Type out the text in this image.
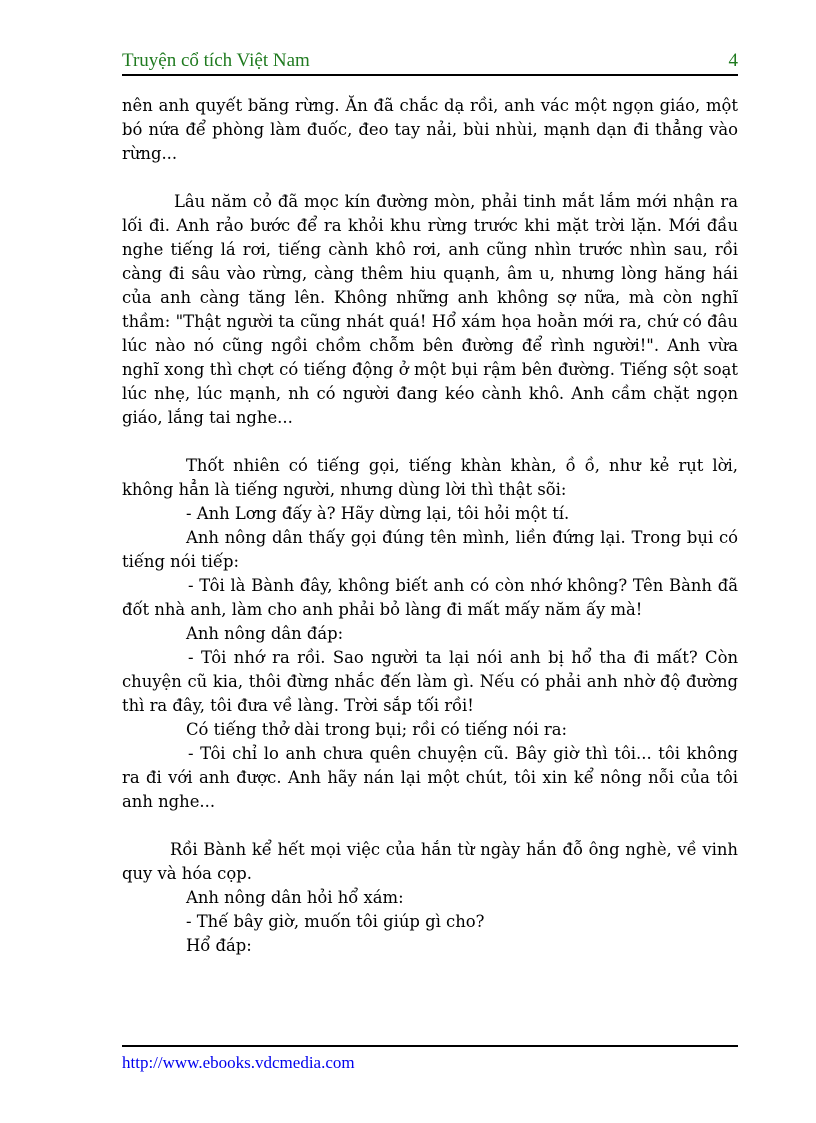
Truyện cổ tích Việt Nam	4

nên anh quyết băng rừng. Ăn đã chắc dạ rồi, anh vác một ngọn giáo, một bó nứa để phòng làm đuốc, đeo tay nải, bùi nhùi, mạnh dạn đi thẳng vào rừng...

Lâu năm cỏ đã mọc kín đường mòn, phải tinh mắt lắm mới nhận ra lối đi. Anh rảo bước để ra khỏi khu rừng trước khi mặt trời lặn. Mới đầu nghe tiếng lá rơi, tiếng cành khô rơi, anh cũng nhìn trước nhìn sau, rồi càng đi sâu vào rừng, càng thêm hiu quạnh, âm u, nhưng lòng hăng hái của anh càng tăng lên. Không những anh không sợ nữa, mà còn nghĩ thầm: "Thật người ta cũng nhát quá! Hổ xám họa hoằn mới ra, chứ có đâu lúc nào nó cũng ngồi chồm chỗm bên đường để rình người!". Anh vừa nghĩ xong thì chợt có tiếng động ở một bụi rậm bên đường. Tiếng sột soạt lúc nhẹ, lúc mạnh, nh có người đang kéo cành khô. Anh cầm chặt ngọn giáo, lắng tai nghe...

Thốt nhiên có tiếng gọi, tiếng khàn khàn, ồ ồ, như kẻ rụt lời, không hẳn là tiếng người, nhưng dùng lời thì thật sõi:

- Anh Lơng đấy à? Hãy dừng lại, tôi hỏi một tí.

Anh nông dân thấy gọi đúng tên mình, liền đứng lại. Trong bụi có tiếng nói tiếp:

- Tôi là Bành đây, không biết anh có còn nhớ không? Tên Bành đã đốt nhà anh, làm cho anh phải bỏ làng đi mất mấy năm ấy mà!

Anh nông dân đáp:

- Tôi nhớ ra rồi. Sao người ta lại nói anh bị hổ tha đi mất? Còn chuyện cũ kia, thôi đừng nhắc đến làm gì. Nếu có phải anh nhờ độ đường thì ra đây, tôi đưa về làng. Trời sắp tối rồi!

Có tiếng thở dài trong bụi; rồi có tiếng nói ra:

- Tôi chỉ lo anh chưa quên chuyện cũ. Bây giờ thì tôi... tôi không ra đi với anh được. Anh hãy nán lại một chút, tôi xin kể nông nỗi của tôi anh nghe...

Rồi Bành kể hết mọi việc của hắn từ ngày hắn đỗ ông nghè, về vinh quy và hóa cọp.

Anh nông dân hỏi hổ xám:

- Thế bây giờ, muốn tôi giúp gì cho?

Hổ đáp:

http://www.ebooks.vdcmedia.com
